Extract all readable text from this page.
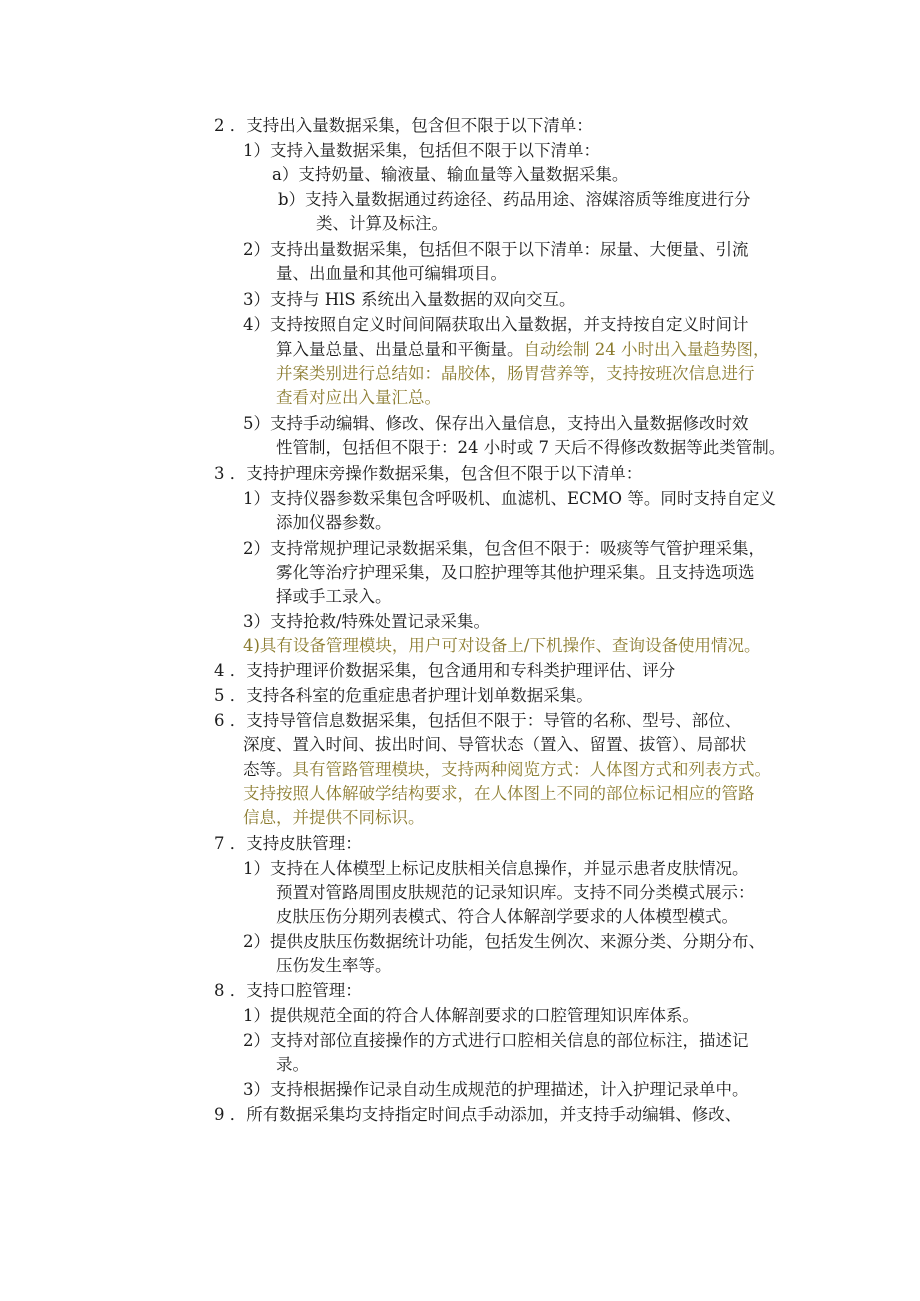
2 ．支持出入量数据采集，包含但不限于以下清单：
1）支持入量数据采集，包括但不限于以下清单：
a）支持奶量、输液量、输血量等入量数据采集。
b）支持入量数据通过药途径、药品用途、溶媒溶质等维度进行分
类、计算及标注。
2）支持出量数据采集，包括但不限于以下清单：尿量、大便量、引流
量、出血量和其他可编辑项目。
3）支持与 HlS 系统出入量数据的双向交互。
4）支持按照自定义时间间隔获取出入量数据，并支持按自定义时间计
算入量总量、出量总量和平衡量。自动绘制 24 小时出入量趋势图，
并案类别进行总结如：晶胶体，肠胃营养等，支持按班次信息进行
查看对应出入量汇总。
5）支持手动编辑、修改、保存出入量信息，支持出入量数据修改时效
性管制，包括但不限于：24 小时或 7 天后不得修改数据等此类管制。
3 ．支持护理床旁操作数据采集，包含但不限于以下清单：
1）支持仪器参数采集包含呼吸机、血滤机、ECMO 等。同时支持自定义
添加仪器参数。
2）支持常规护理记录数据采集，包含但不限于：吸痰等气管护理采集，
雾化等治疗护理采集，及口腔护理等其他护理采集。且支持选项选
择或手工录入。
3）支持抢救/特殊处置记录采集。
4)具有设备管理模块，用户可对设备上/下机操作、查询设备使用情况。
4 ．支持护理评价数据采集，包含通用和专科类护理评估、评分
5 ．支持各科室的危重症患者护理计划单数据采集。
6 ．支持导管信息数据采集，包括但不限于：导管的名称、型号、部位、
深度、置入时间、拔出时间、导管状态（置入、留置、拔管）、局部状
态等。具有管路管理模块，支持两种阅览方式：人体图方式和列表方式。
支持按照人体解破学结构要求，在人体图上不同的部位标记相应的管路
信息，并提供不同标识。
7 ．支持皮肤管理：
1）支持在人体模型上标记皮肤相关信息操作，并显示患者皮肤情况。
预置对管路周围皮肤规范的记录知识库。支持不同分类模式展示：
皮肤压伤分期列表模式、符合人体解剖学要求的人体模型模式。
2）提供皮肤压伤数据统计功能，包括发生例次、来源分类、分期分布、
压伤发生率等。
8 ．支持口腔管理：
1）提供规范全面的符合人体解剖要求的口腔管理知识库体系。
2）支持对部位直接操作的方式进行口腔相关信息的部位标注，描述记
录。
3）支持根据操作记录自动生成规范的护理描述，计入护理记录单中。
9 ．所有数据采集均支持指定时间点手动添加，并支持手动编辑、修改、
